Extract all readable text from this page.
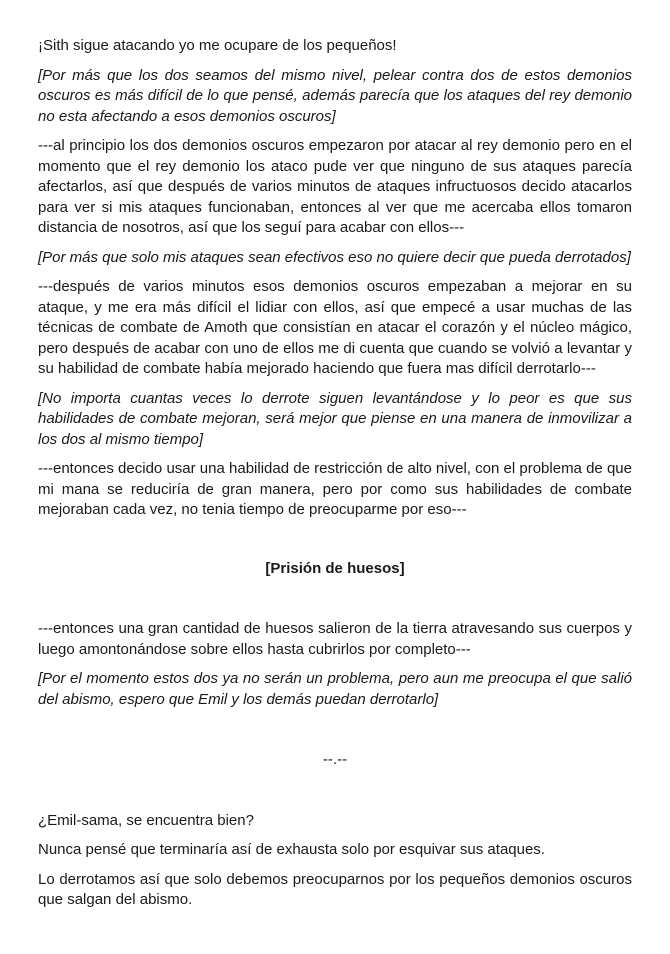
¡Sith sigue atacando yo me ocupare de los pequeños!

[Por más que los dos seamos del mismo nivel, pelear contra dos de estos demonios oscuros es más difícil de lo que pensé, además parecía que los ataques del rey demonio no esta afectando a esos demonios oscuros]

---al principio los dos demonios oscuros empezaron por atacar al rey demonio pero en el momento que el rey demonio los ataco pude ver que ninguno de sus ataques parecía afectarlos, así que después de varios minutos de ataques infructuosos decido atacarlos para ver si mis ataques funcionaban, entonces al ver que me acercaba ellos tomaron distancia de nosotros, así que los seguí para acabar con ellos---

[Por más que solo mis ataques sean efectivos eso no quiere decir que pueda derrotados]

---después de varios minutos esos demonios oscuros empezaban a mejorar en su ataque, y me era más difícil el lidiar con ellos, así que empecé a usar muchas de las técnicas de combate de Amoth que consistían en atacar el corazón y el núcleo mágico, pero después de acabar con uno de ellos me di cuenta que cuando se volvió a levantar y su habilidad de combate había mejorado haciendo que fuera mas difícil derrotarlo---

[No importa cuantas veces lo derrote siguen levantándose y lo peor es que sus habilidades de combate mejoran, será mejor que piense en una manera de inmovilizar a los dos al mismo tiempo]

---entonces decido usar una habilidad de restricción de alto nivel, con el problema de que mi mana se reduciría de gran manera, pero por como sus habilidades de combate mejoraban cada vez, no tenia tiempo de preocuparme por eso---

[Prisión de huesos]

---entonces una gran cantidad de huesos salieron de la tierra atravesando sus cuerpos y luego amontonándose sobre ellos hasta cubrirlos por completo---

[Por el momento estos dos ya no serán un problema, pero aun me preocupa el que salió del abismo, espero que Emil y los demás puedan derrotarlo]

--.--

¿Emil-sama, se encuentra bien?

Nunca pensé que terminaría así de exhausta solo por esquivar sus ataques.

Lo derrotamos así que solo debemos preocuparnos por los pequeños demonios oscuros que salgan del abismo.
